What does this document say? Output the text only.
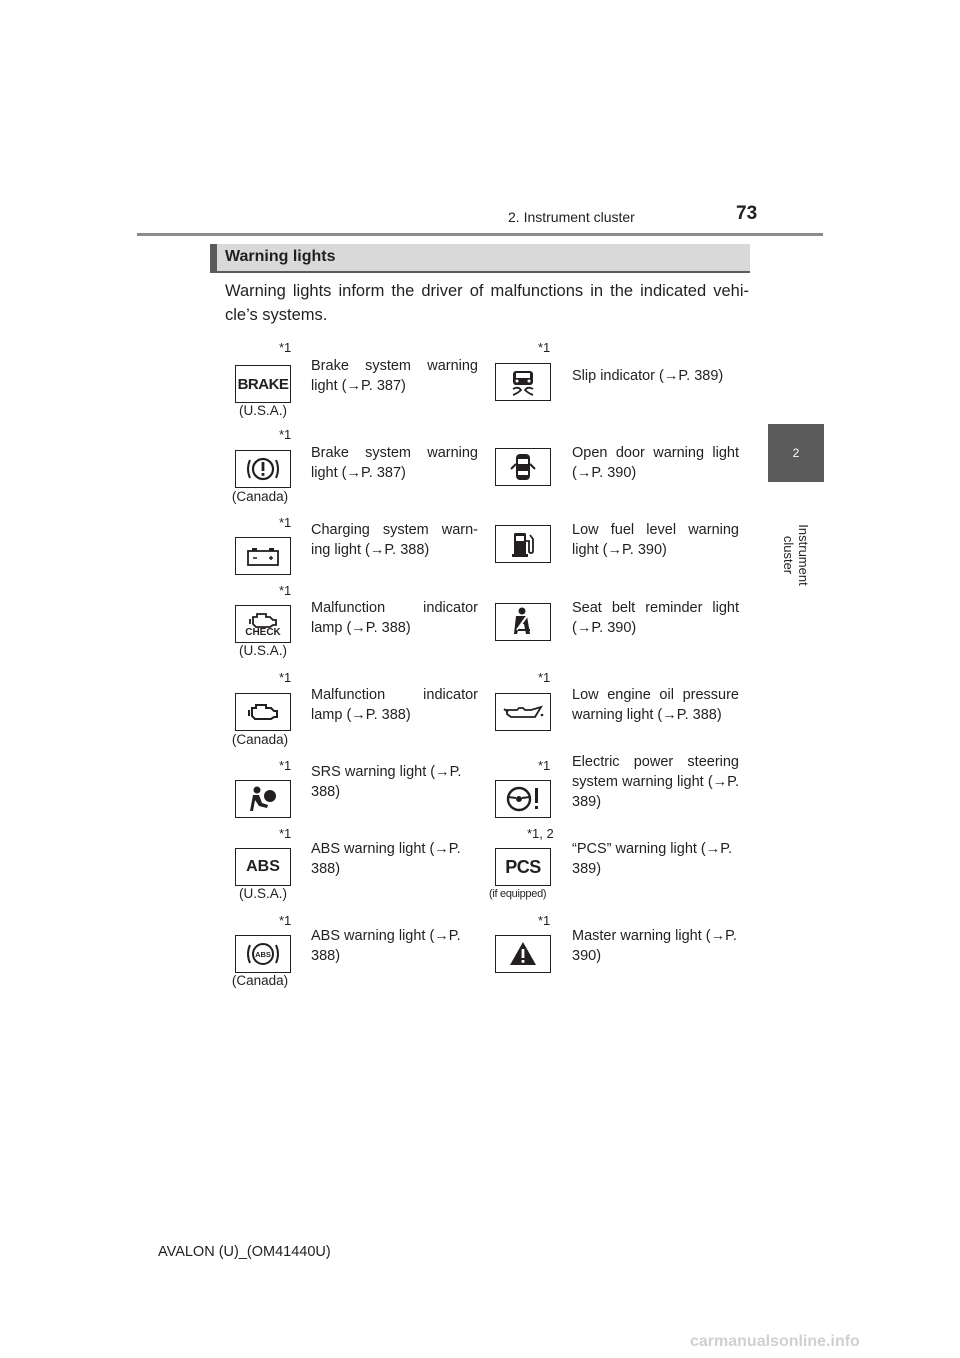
2. Instrument cluster	73
2
Instrument cluster
Warning lights
Warning lights inform the driver of malfunctions in the indicated vehi- cle’s systems.
*1
BRAKE
(U.S.A.)
Brake system warning light (→P. 387)
*1
(Canada)
Brake system warning light (→P. 387)
*1 Charging system warn- ing light (→P. 388)
*1
CHECK
(U.S.A.)
Malfunction indicator lamp (→P. 388)
*1
(Canada)
Malfunction indicator lamp (→P. 388)
*1 SRS warning light (→P. 388)
*1
ABS
(U.S.A.)
ABS warning light (→P. 388)
*1
ABS
(Canada)
ABS warning light (→P. 388)
*1
Slip indicator (→P. 389)
Open door warning light (→P. 390)
Low fuel level warning light (→P. 390)
Seat belt reminder light (→P. 390)
*1
Low engine oil pressure warning light (→P. 388)
*1 Electric power steering system warning light (→P. 389)
*1, 2
PCS
(if equipped)
“PCS” warning light (→P. 389)
*1
Master warning light (→P. 390)
AVALON (U)_(OM41440U)
carmanualsonline.info
